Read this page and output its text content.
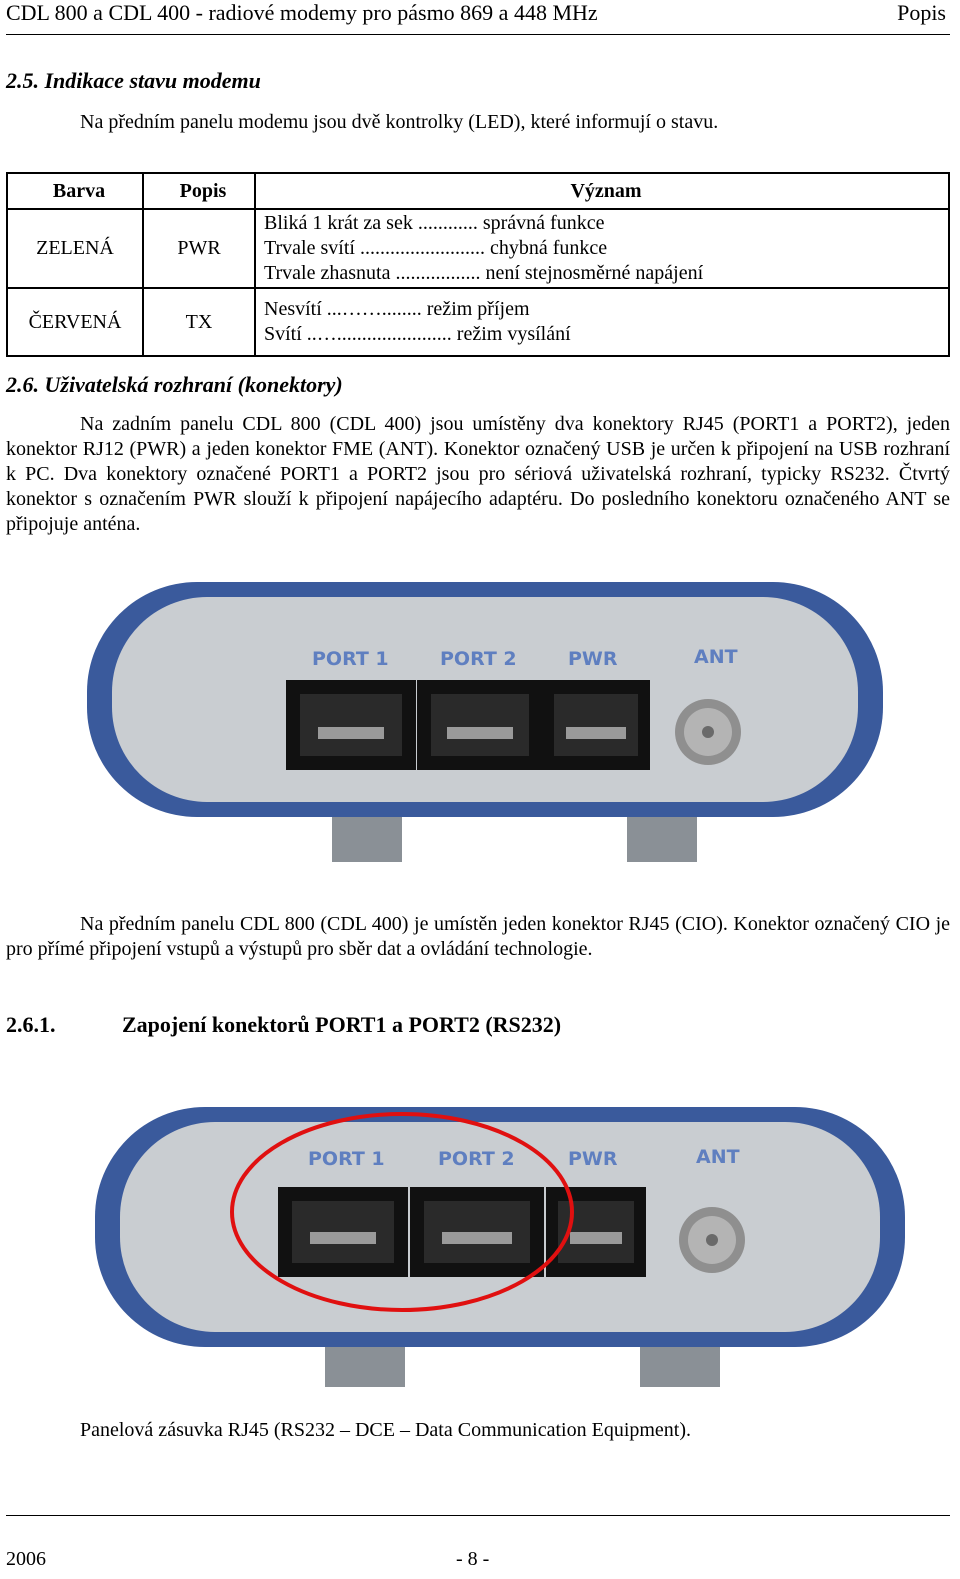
CDL 800 a CDL 400 - radiové modemy pro pásmo 869 a 448 MHz	Popis
2.5. Indikace stavu modemu
Na předním panelu modemu jsou dvě kontrolky (LED), které informují o stavu.
Barva	Popis	Význam
ZELENÁ	PWR	Bliká 1 krát za sek ............ správná funkce
Trvale svítí ......................... chybná funkce
Trvale zhasnuta ................. není stejnosměrné napájení

ČERVENÁ	TX	Nesvítí ...……........ režim příjem
Svítí ..…....................... režim vysílání
2.6. Uživatelská rozhraní (konektory)
Na zadním panelu CDL 800 (CDL 400) jsou umístěny dva konektory RJ45 (PORT1 a PORT2), jeden konektor RJ12 (PWR) a jeden konektor FME (ANT). Konektor označený USB je určen k připojení na USB rozhraní k PC. Dva konektory označené PORT1 a PORT2 jsou pro sériová uživatelská rozhraní, typicky RS232. Čtvrtý konektor s označením PWR slouží k připojení napájecího adaptéru. Do posledního konektoru označeného ANT se připojuje anténa.
PORT 1	PORT 2	PWR	ANT
Na předním panelu CDL 800 (CDL 400) je umístěn jeden konektor RJ45 (CIO). Konektor označený CIO je pro přímé připojení vstupů a výstupů pro sběr dat a ovládání technologie.
2.6.1.	Zapojení konektorů PORT1 a PORT2 (RS232)
PORT 1	PORT 2	PWR	ANT
Panelová zásuvka RJ45 (RS232 – DCE – Data Communication Equipment).
2006	- 8 -
